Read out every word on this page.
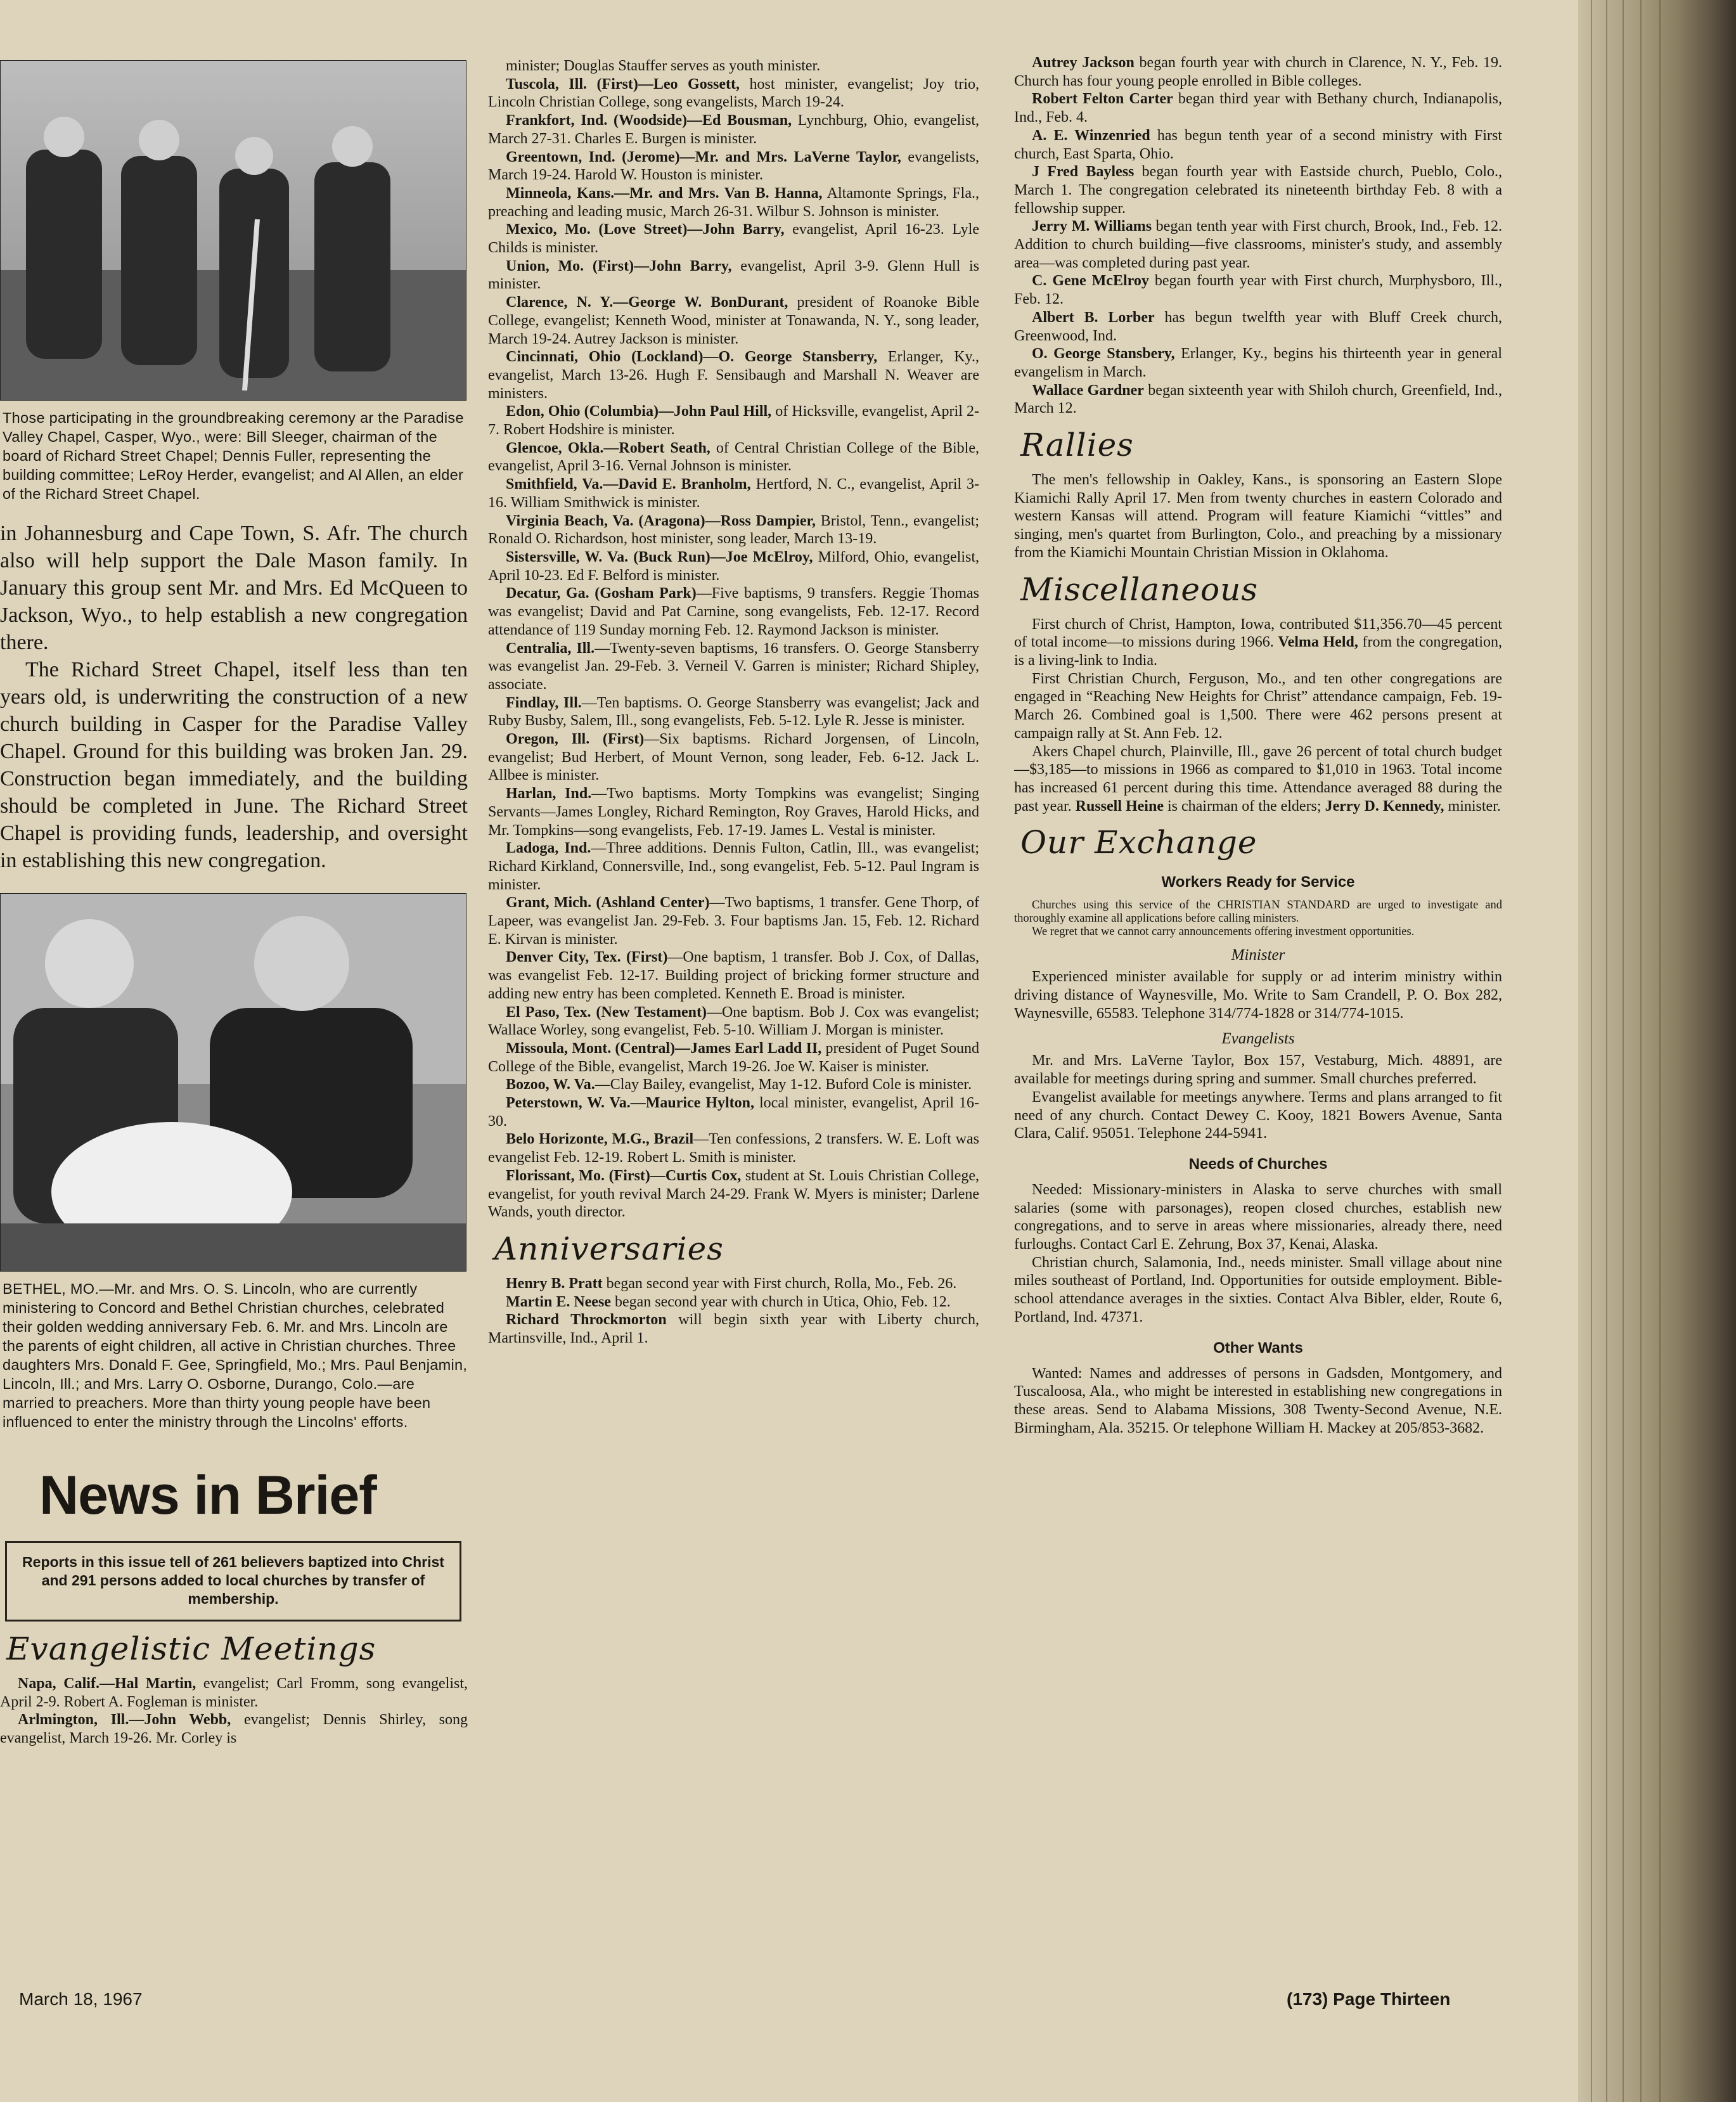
Those participating in the groundbreaking ceremony ar the Paradise Valley Chapel, Casper, Wyo., were: Bill Sleeger, chairman of the board of Richard Street Chapel; Dennis Fuller, representing the building committee; LeRoy Herder, evangelist; and Al Allen, an elder of the Richard Street Chapel.

in Johannesburg and Cape Town, S. Afr. The church also will help support the Dale Mason family. In January this group sent Mr. and Mrs. Ed McQueen to Jackson, Wyo., to help establish a new congregation there.

The Richard Street Chapel, itself less than ten years old, is underwriting the construction of a new church building in Casper for the Paradise Valley Chapel. Ground for this building was broken Jan. 29. Construction began immediately, and the building should be completed in June. The Richard Street Chapel is providing funds, leadership, and oversight in establishing this new congregation.

BETHEL, MO.—Mr. and Mrs. O. S. Lincoln, who are currently ministering to Concord and Bethel Christian churches, celebrated their golden wedding anniversary Feb. 6. Mr. and Mrs. Lincoln are the parents of eight children, all active in Christian churches. Three daughters Mrs. Donald F. Gee, Springfield, Mo.; Mrs. Paul Benjamin, Lincoln, Ill.; and Mrs. Larry O. Osborne, Durango, Colo.—are married to preachers. More than thirty young people have been influenced to enter the ministry through the Lincolns' efforts.
News in Brief
Reports in this issue tell of 261 believers baptized into Christ and 291 persons added to local churches by transfer of membership.
Evangelistic Meetings

Napa, Calif.—Hal Martin, evangelist; Carl Fromm, song evangelist, April 2-9. Robert A. Fogleman is minister.

Arlmington, Ill.—John Webb, evangelist; Dennis Shirley, song evangelist, March 19-26. Mr. Corley is

minister; Douglas Stauffer serves as youth minister.

Tuscola, Ill. (First)—Leo Gossett, host minister, evangelist; Joy trio, Lincoln Christian College, song evangelists, March 19-24.

Frankfort, Ind. (Woodside)—Ed Bousman, Lynchburg, Ohio, evangelist, March 27-31. Charles E. Burgen is minister.

Greentown, Ind. (Jerome)—Mr. and Mrs. LaVerne Taylor, evangelists, March 19-24. Harold W. Houston is minister.

Minneola, Kans.—Mr. and Mrs. Van B. Hanna, Altamonte Springs, Fla., preaching and leading music, March 26-31. Wilbur S. Johnson is minister.

Mexico, Mo. (Love Street)—John Barry, evangelist, April 16-23. Lyle Childs is minister.

Union, Mo. (First)—John Barry, evangelist, April 3-9. Glenn Hull is minister.

Clarence, N. Y.—George W. BonDurant, president of Roanoke Bible College, evangelist; Kenneth Wood, minister at Tonawanda, N. Y., song leader, March 19-24. Autrey Jackson is minister.

Cincinnati, Ohio (Lockland)—O. George Stansberry, Erlanger, Ky., evangelist, March 13-26. Hugh F. Sensibaugh and Marshall N. Weaver are ministers.

Edon, Ohio (Columbia)—John Paul Hill, of Hicksville, evangelist, April 2-7. Robert Hodshire is minister.

Glencoe, Okla.—Robert Seath, of Central Christian College of the Bible, evangelist, April 3-16. Vernal Johnson is minister.

Smithfield, Va.—David E. Branholm, Hertford, N. C., evangelist, April 3-16. William Smithwick is minister.

Virginia Beach, Va. (Aragona)—Ross Dampier, Bristol, Tenn., evangelist; Ronald O. Richardson, host minister, song leader, March 13-19.

Sistersville, W. Va. (Buck Run)—Joe McElroy, Milford, Ohio, evangelist, April 10-23. Ed F. Belford is minister.

Decatur, Ga. (Gosham Park)—Five baptisms, 9 transfers. Reggie Thomas was evangelist; David and Pat Carnine, song evangelists, Feb. 12-17. Record attendance of 119 Sunday morning Feb. 12. Raymond Jackson is minister.

Centralia, Ill.—Twenty-seven baptisms, 16 transfers. O. George Stansberry was evangelist Jan. 29-Feb. 3. Verneil V. Garren is minister; Richard Shipley, associate.

Findlay, Ill.—Ten baptisms. O. George Stansberry was evangelist; Jack and Ruby Busby, Salem, Ill., song evangelists, Feb. 5-12. Lyle R. Jesse is minister.

Oregon, Ill. (First)—Six baptisms. Richard Jorgensen, of Lincoln, evangelist; Bud Herbert, of Mount Vernon, song leader, Feb. 6-12. Jack L. Allbee is minister.

Harlan, Ind.—Two baptisms. Morty Tompkins was evangelist; Singing Servants—James Longley, Richard Remington, Roy Graves, Harold Hicks, and Mr. Tompkins—song evangelists, Feb. 17-19. James L. Vestal is minister.

Ladoga, Ind.—Three additions. Dennis Fulton, Catlin, Ill., was evangelist; Richard Kirkland, Connersville, Ind., song evangelist, Feb. 5-12. Paul Ingram is minister.

Grant, Mich. (Ashland Center)—Two baptisms, 1 transfer. Gene Thorp, of Lapeer, was evangelist Jan. 29-Feb. 3. Four baptisms Jan. 15, Feb. 12. Richard E. Kirvan is minister.

Denver City, Tex. (First)—One baptism, 1 transfer. Bob J. Cox, of Dallas, was evangelist Feb. 12-17. Building project of bricking former structure and adding new entry has been completed. Kenneth E. Broad is minister.

El Paso, Tex. (New Testament)—One baptism. Bob J. Cox was evangelist; Wallace Worley, song evangelist, Feb. 5-10. William J. Morgan is minister.

Missoula, Mont. (Central)—James Earl Ladd II, president of Puget Sound College of the Bible, evangelist, March 19-26. Joe W. Kaiser is minister.

Bozoo, W. Va.—Clay Bailey, evangelist, May 1-12. Buford Cole is minister.

Peterstown, W. Va.—Maurice Hylton, local minister, evangelist, April 16-30.

Belo Horizonte, M.G., Brazil—Ten confessions, 2 transfers. W. E. Loft was evangelist Feb. 12-19. Robert L. Smith is minister.

Florissant, Mo. (First)—Curtis Cox, student at St. Louis Christian College, evangelist, for youth revival March 24-29. Frank W. Myers is minister; Darlene Wands, youth director.

Anniversaries

Henry B. Pratt began second year with First church, Rolla, Mo., Feb. 26.

Martin E. Neese began second year with church in Utica, Ohio, Feb. 12.

Richard Throckmorton will begin sixth year with Liberty church, Martinsville, Ind., April 1.

Autrey Jackson began fourth year with church in Clarence, N. Y., Feb. 19. Church has four young people enrolled in Bible colleges.

Robert Felton Carter began third year with Bethany church, Indianapolis, Ind., Feb. 4.

A. E. Winzenried has begun tenth year of a second ministry with First church, East Sparta, Ohio.

J Fred Bayless began fourth year with Eastside church, Pueblo, Colo., March 1. The congregation celebrated its nineteenth birthday Feb. 8 with a fellowship supper.

Jerry M. Williams began tenth year with First church, Brook, Ind., Feb. 12. Addition to church building—five classrooms, minister's study, and assembly area—was completed during past year.

C. Gene McElroy began fourth year with First church, Murphysboro, Ill., Feb. 12.

Albert B. Lorber has begun twelfth year with Bluff Creek church, Greenwood, Ind.

O. George Stansbery, Erlanger, Ky., begins his thirteenth year in general evangelism in March.

Wallace Gardner began sixteenth year with Shiloh church, Greenfield, Ind., March 12.

Rallies

The men's fellowship in Oakley, Kans., is sponsoring an Eastern Slope Kiamichi Rally April 17. Men from twenty churches in eastern Colorado and western Kansas will attend. Program will feature Kiamichi “vittles” and singing, men's quartet from Burlington, Colo., and preaching by a missionary from the Kiamichi Mountain Christian Mission in Oklahoma.

Miscellaneous

First church of Christ, Hampton, Iowa, contributed $11,356.70—45 percent of total income—to missions during 1966. Velma Held, from the congregation, is a living-link to India.

First Christian Church, Ferguson, Mo., and ten other congregations are engaged in “Reaching New Heights for Christ” attendance campaign, Feb. 19-March 26. Combined goal is 1,500. There were 462 persons present at campaign rally at St. Ann Feb. 12.

Akers Chapel church, Plainville, Ill., gave 26 percent of total church budget—$3,185—to missions in 1966 as compared to $1,010 in 1963. Total income has increased 61 percent during this time. Attendance averaged 88 during the past year. Russell Heine is chairman of the elders; Jerry D. Kennedy, minister.

Our Exchange
Workers Ready for Service

Churches using this service of the CHRISTIAN STANDARD are urged to investigate and thoroughly examine all applications before calling ministers.

We regret that we cannot carry announcements offering investment opportunities.

Minister

Experienced minister available for supply or ad interim ministry within driving distance of Waynesville, Mo. Write to Sam Crandell, P. O. Box 282, Waynesville, 65583. Telephone 314/774-1828 or 314/774-1015.

Evangelists

Mr. and Mrs. LaVerne Taylor, Box 157, Vestaburg, Mich. 48891, are available for meetings during spring and summer. Small churches preferred.

Evangelist available for meetings anywhere. Terms and plans arranged to fit need of any church. Contact Dewey C. Kooy, 1821 Bowers Avenue, Santa Clara, Calif. 95051. Telephone 244-5941.

Needs of Churches

Needed: Missionary-ministers in Alaska to serve churches with small salaries (some with parsonages), reopen closed churches, establish new congregations, and to serve in areas where missionaries, already there, need furloughs. Contact Carl E. Zehrung, Box 37, Kenai, Alaska.

Christian church, Salamonia, Ind., needs minister. Small village about nine miles southeast of Portland, Ind. Opportunities for outside employment. Bible-school attendance averages in the sixties. Contact Alva Bibler, elder, Route 6, Portland, Ind. 47371.

Other Wants

Wanted: Names and addresses of persons in Gadsden, Montgomery, and Tuscaloosa, Ala., who might be interested in establishing new congregations in these areas. Send to Alabama Missions, 308 Twenty-Second Avenue, N.E. Birmingham, Ala. 35215. Or telephone William H. Mackey at 205/853-3682.

March 18, 1967	(173) Page Thirteen
